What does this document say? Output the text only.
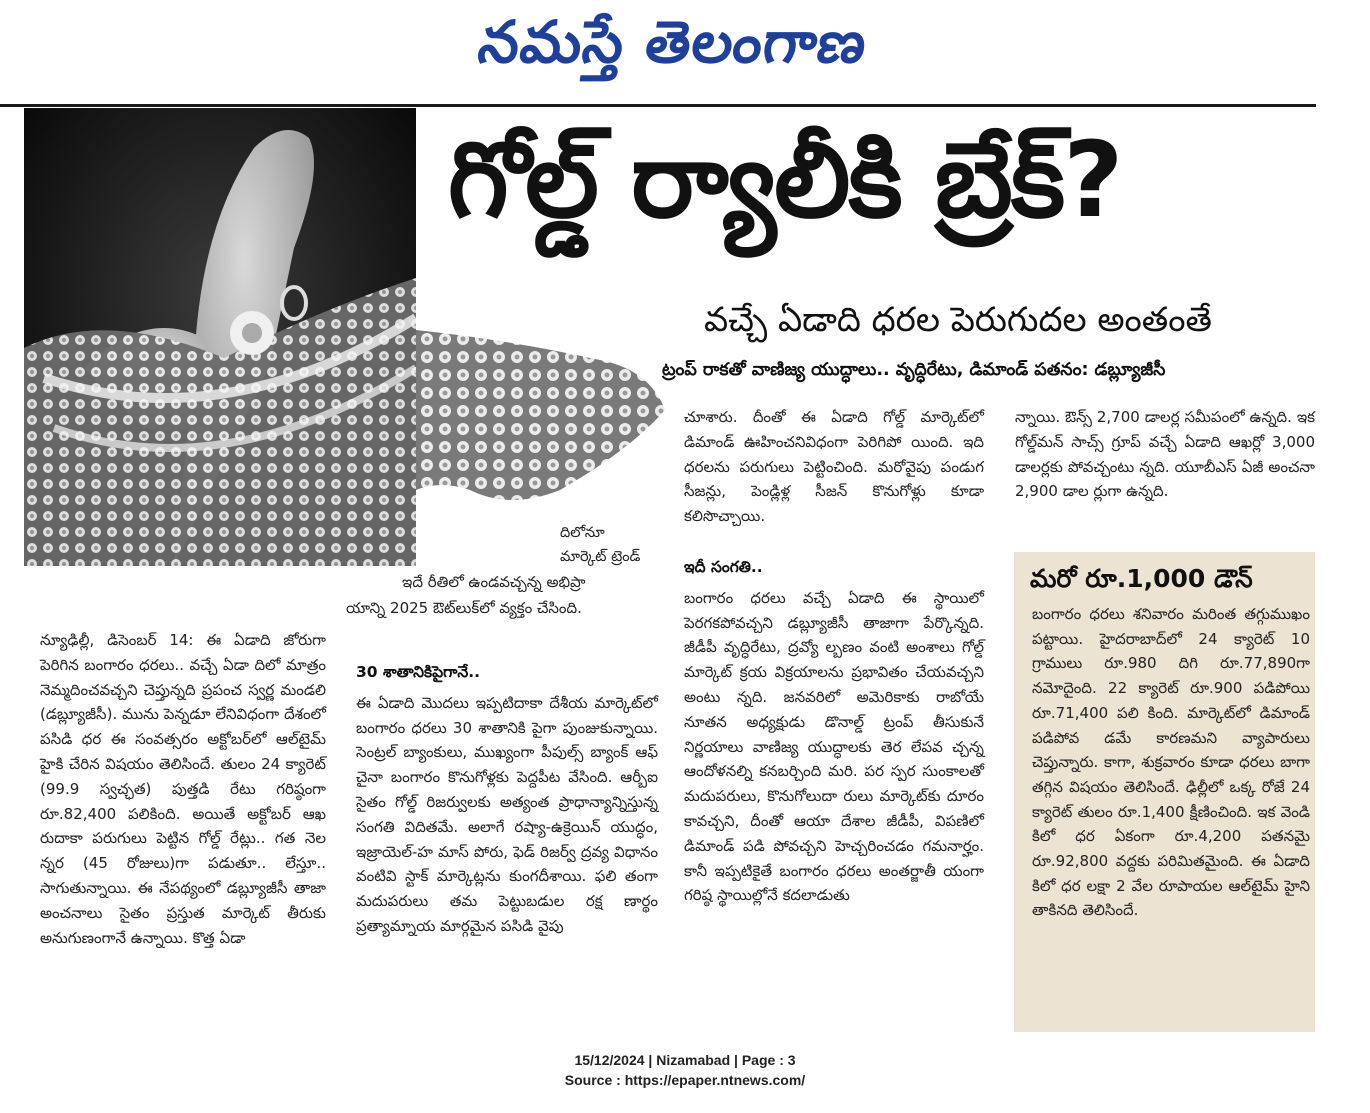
నమస్తే తెలంగాణ
గోల్డ్ ర్యాలీకి బ్రేక్?
వచ్చే ఏడాది ధరల పెరుగుదల అంతంతే
ట్రంప్ రాకతో వాణిజ్య యుద్ధాలు.. వృద్ధిరేటు, డిమాండ్ పతనం: డబ్ల్యూజీసీ

న్యూఢిల్లీ, డిసెంబర్ 14: ఈ ఏడాది జోరుగా పెరిగిన బంగారం ధరలు.. వచ్చే ఏడా దిలో మాత్రం నెమ్మదించవచ్చని చెప్తున్నది ప్రపంచ స్వర్ణ మండలి (డబ్ల్యూజీసీ). మును పెన్నడూ లేనివిధంగా దేశంలో పసిడి ధర ఈ సంవత్సరం అక్టోబర్‌లో ఆల్‌టైమ్ హైకి చేరిన విషయం తెలిసిందే. తులం 24 క్యారెట్ (99.9 స్వచ్ఛత) పుత్తడి రేటు గరిష్ఠంగా రూ.82,400 పలికింది. అయితే అక్టోబర్ ఆఖ రుదాకా పరుగులు పెట్టిన గోల్డ్ రేట్లు.. గత నెల న్నర (45 రోజులు)గా పడుతూ.. లేస్తూ.. సాగుతున్నాయి. ఈ నేపథ్యంలో డబ్ల్యూజీసీ తాజా అంచనాలు సైతం ప్రస్తుత మార్కెట్ తీరుకు అనుగుణంగానే ఉన్నాయి. కొత్త ఏడా

దిలోనూ
మార్కెట్ ట్రెండ్

ఇదే రీతిలో ఉండవచ్చన్న అభిప్రా

యాన్ని 2025 ఔట్‌లుక్‌లో వ్యక్తం చేసింది.

30 శాతానికిపైగానే..

ఈ ఏడాది మొదలు ఇప్పటిదాకా దేశీయ మార్కెట్‌లో బంగారం ధరలు 30 శాతానికి పైగా పుంజుకున్నాయి. సెంట్రల్ బ్యాంకులు, ముఖ్యంగా పీపుల్స్ బ్యాంక్ ఆఫ్ చైనా బంగారం కొనుగోళ్లకు పెద్దపీట వేసింది. ఆర్బీఐ సైతం గోల్డ్ రిజర్వులకు అత్యంత ప్రాధాన్యాన్నిస్తున్న సంగతి విదితమే. అలాగే రష్యా-ఉక్రెయిన్ యుద్ధం, ఇజ్రాయెల్-హ మాస్ పోరు, ఫెడ్ రిజర్వ్ ద్రవ్య విధానం వంటివి స్టాక్ మార్కెట్లను కుంగదీశాయి. ఫలి తంగా మదుపరులు తమ పెట్టుబడుల రక్ష ణార్థం ప్రత్యామ్నాయ మార్గమైన పసిడి వైపు

చూశారు. దీంతో ఈ ఏడాది గోల్డ్ మార్కెట్‌లో డిమాండ్ ఊహించనివిధంగా పెరిగిపో యింది. ఇది ధరలను పరుగులు పెట్టించింది. మరోవైపు పండుగ సీజన్లు, పెండ్లిళ్ల సీజన్ కొనుగోళ్లు కూడా కలిసొచ్చాయి.

ఇదీ సంగతి..

బంగారం ధరలు వచ్చే ఏడాది ఈ స్థాయిలో పెరగకపోవచ్చని డబ్ల్యూజీసీ తాజాగా పేర్కొన్నది. జీడీపీ వృద్ధిరేటు, ద్రవ్యో ల్బణం వంటి అంశాలు గోల్డ్ మార్కెట్ క్రయ విక్రయాలను ప్రభావితం చేయవచ్చని అంటు న్నది. జనవరిలో అమెరికాకు రాబోయే నూతన అధ్యక్షుడు డొనాల్డ్ ట్రంప్ తీసుకునే నిర్ణయాలు వాణిజ్య యుద్ధాలకు తెర లేపవ చ్చన్న ఆందోళనల్ని కనబర్చింది మరి. పర స్పర సుంకాలతో మదుపరులు, కొనుగోలుదా రులు మార్కెట్‌కు దూరం కావచ్చని, దీంతో ఆయా దేశాల జీడీపీ, విపణిలో డిమాండ్ పడి పోవచ్చని హెచ్చరించడం గమనార్హం. కానీ ఇప్పటికైతే బంగారం ధరలు అంతర్జాతీ యంగా గరిష్ఠ స్థాయిల్లోనే కదలాడుతు

న్నాయి. ఔన్స్ 2,700 డాలర్ల సమీపంలో ఉన్నది. ఇక గోల్డ్‌మన్ సాచ్స్ గ్రూప్ వచ్చే ఏడాది ఆఖర్లో 3,000 డాలర్లకు పోవచ్చంటు న్నది. యూబీఎస్ ఏజీ అంచనా 2,900 డాల ర్లుగా ఉన్నది.

మరో రూ.1,000 డౌన్
బంగారం ధరలు శనివారం మరింత తగ్గుముఖం పట్టాయి. హైదరాబాద్‌లో 24 క్యారెట్ 10 గ్రాములు రూ.980 దిగి రూ.77,890గా నమోదైంది. 22 క్యారెట్ రూ.900 పడిపోయి రూ.71,400 పలి కింది. మార్కెట్‌లో డిమాండ్ పడిపోవ డమే కారణమని వ్యాపారులు చెప్తున్నారు. కాగా, శుక్రవారం కూడా ధరలు బాగా తగ్గిన విషయం తెలిసిందే. ఢిల్లీలో ఒక్క రోజే 24 క్యారెట్ తులం రూ.1,400 క్షీణించింది. ఇక వెండి కిలో ధర ఏకంగా రూ.4,200 పతనమై రూ.92,800 వద్దకు పరిమితమైంది. ఈ ఏడాది కిలో ధర లక్షా 2 వేల రూపాయల ఆల్‌టైమ్ హైని తాకినది తెలిసిందే.
15/12/2024 | Nizamabad | Page : 3
Source : https://epaper.ntnews.com/
